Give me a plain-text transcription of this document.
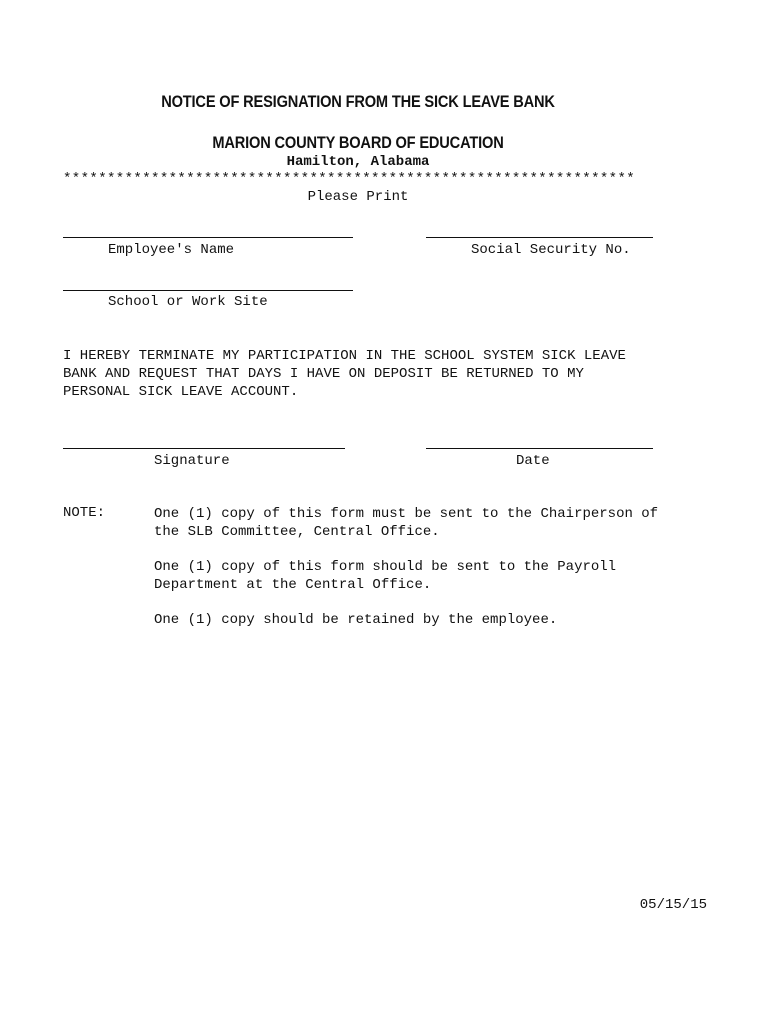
NOTICE OF RESIGNATION FROM THE SICK LEAVE BANK
MARION COUNTY BOARD OF EDUCATION
Hamilton, Alabama
*****************************************************************
Please Print
Employee's Name	Social Security No.
School or Work Site
I HEREBY TERMINATE MY PARTICIPATION IN THE SCHOOL SYSTEM SICK LEAVE
BANK AND REQUEST THAT DAYS I HAVE ON DEPOSIT BE RETURNED TO MY
PERSONAL SICK LEAVE ACCOUNT.
Signature	Date
NOTE:	One (1) copy of this form must be sent to the Chairperson of
the SLB Committee, Central Office.
One (1) copy of this form should be sent to the Payroll
Department at the Central Office.
One (1) copy should be retained by the employee.
05/15/15
